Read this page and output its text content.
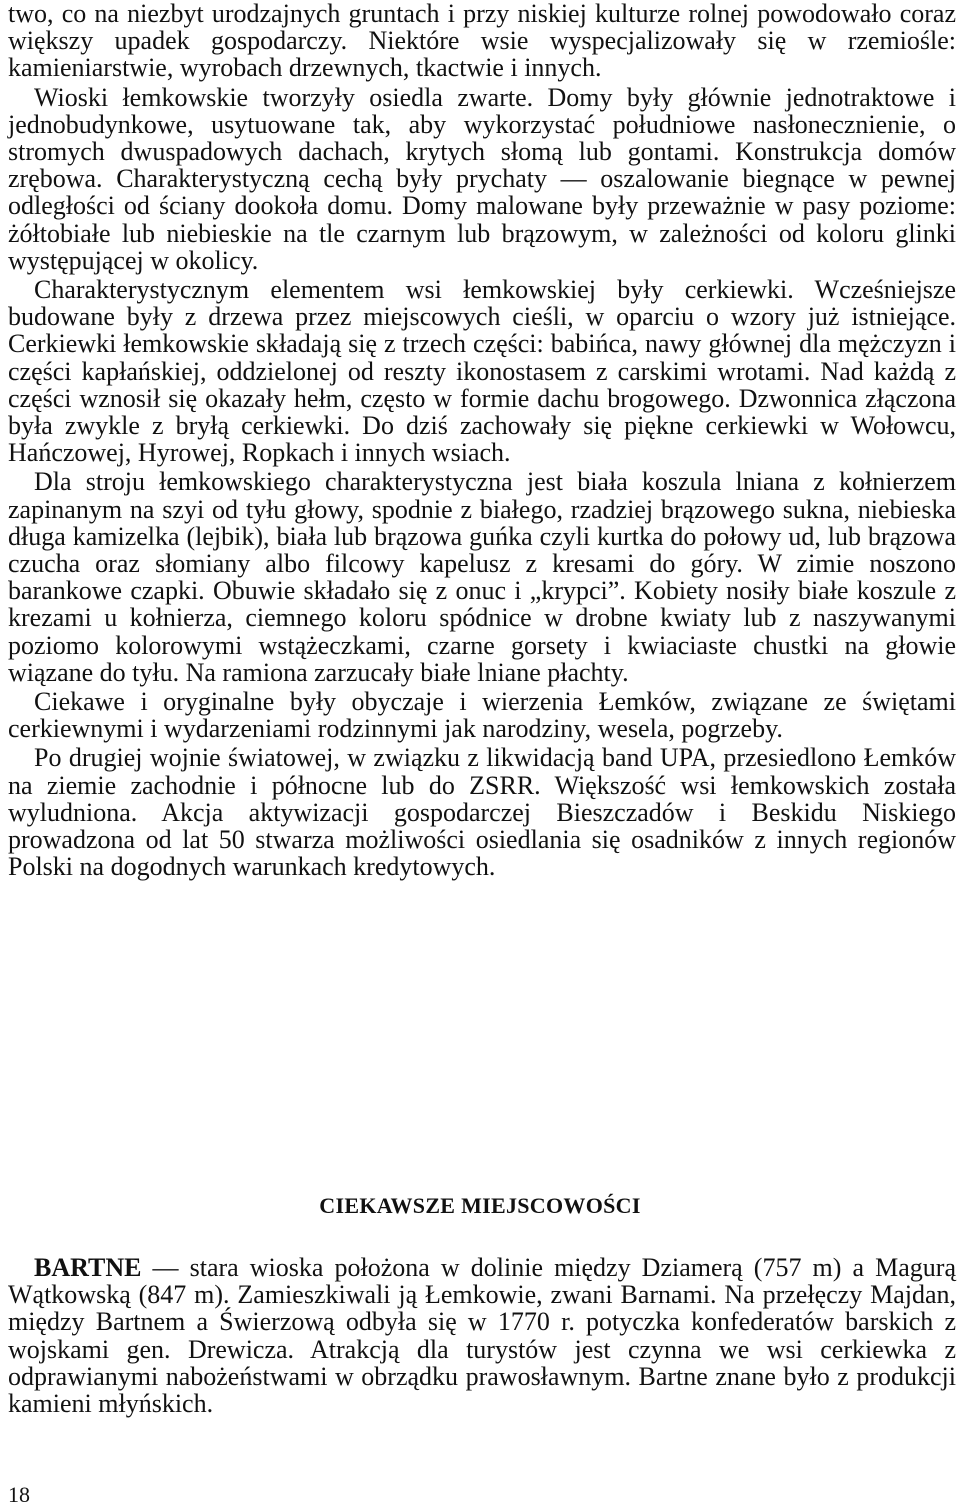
two, co na niezbyt urodzajnych gruntach i przy niskiej kulturze rolnej powodowało coraz większy upadek gospodarczy. Niektóre wsie wyspecjalizowały się w rzemiośle: kamieniarstwie, wyrobach drzewnych, tkactwie i innych.

Wioski łemkowskie tworzyły osiedla zwarte. Domy były głównie jednotraktowe i jednobudynkowe, usytuowane tak, aby wykorzystać południowe nasłonecznienie, o stromych dwuspadowych dachach, krytych słomą lub gontami. Konstrukcja domów zrębowa. Charakterystyczną cechą były prychaty — oszalowanie biegnące w pewnej odległości od ściany dookoła domu. Domy malowane były przeważnie w pasy poziome: żółtobiałe lub niebieskie na tle czarnym lub brązowym, w zależności od koloru glinki występującej w okolicy.

Charakterystycznym elementem wsi łemkowskiej były cerkiewki. Wcześniejsze budowane były z drzewa przez miejscowych cieśli, w oparciu o wzory już istniejące. Cerkiewki łemkowskie składają się z trzech części: babińca, nawy głównej dla mężczyzn i części kapłańskiej, oddzielonej od reszty ikonostasem z carskimi wrotami. Nad każdą z części wznosił się okazały hełm, często w formie dachu brogowego. Dzwonnica złączona była zwykle z bryłą cerkiewki. Do dziś zachowały się piękne cerkiewki w Wołowcu, Hańczowej, Hyrowej, Ropkach i innych wsiach.

Dla stroju łemkowskiego charakterystyczna jest biała koszula lniana z kołnierzem zapinanym na szyi od tyłu głowy, spodnie z białego, rzadziej brązowego sukna, niebieska długa kamizelka (lejbik), biała lub brązowa guńka czyli kurtka do połowy ud, lub brązowa czucha oraz słomiany albo filcowy kapelusz z kresami do góry. W zimie noszono barankowe czapki. Obuwie składało się z onuc i „krypci”. Kobiety nosiły białe koszule z krezami u kołnierza, ciemnego koloru spódnice w drobne kwiaty lub z naszywanymi poziomo kolorowymi wstążeczkami, czarne gorsety i kwiaciaste chustki na głowie wiązane do tyłu. Na ramiona zarzucały białe lniane płachty.

Ciekawe i oryginalne były obyczaje i wierzenia Łemków, związane ze świętami cerkiewnymi i wydarzeniami rodzinnymi jak narodziny, wesela, pogrzeby.

Po drugiej wojnie światowej, w związku z likwidacją band UPA, przesiedlono Łemków na ziemie zachodnie i północne lub do ZSRR. Większość wsi łemkowskich została wyludniona. Akcja aktywizacji gospodarczej Bieszczadów i Beskidu Niskiego prowadzona od lat 50 stwarza możliwości osiedlania się osadników z innych regionów Polski na dogodnych warunkach kredytowych.

CIEKAWSZE MIEJSCOWOŚCI

BARTNE — stara wioska położona w dolinie między Dziamerą (757 m) a Magurą Wątkowską (847 m). Zamieszkiwali ją Łemkowie, zwani Barnami. Na przełęczy Majdan, między Bartnem a Świerzową odbyła się w 1770 r. potyczka konfederatów barskich z wojskami gen. Drewicza. Atrakcją dla turystów jest czynna we wsi cerkiewka z odprawianymi nabożeństwami w obrządku prawosławnym. Bartne znane było z produkcji kamieni młyńskich.

18
